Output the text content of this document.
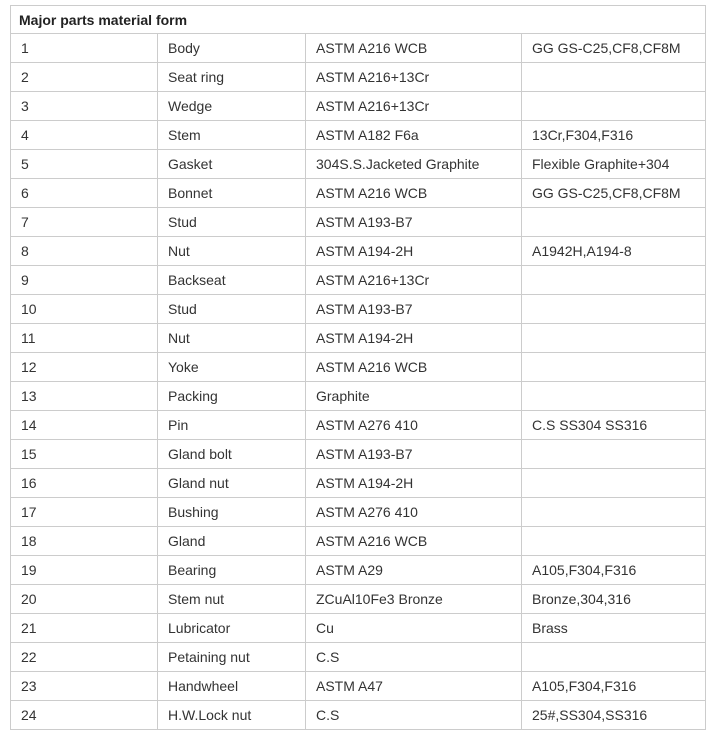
Major parts material form			
1	Body	ASTM A216 WCB	GG GS-C25,CF8,CF8M
2	Seat ring	ASTM A216+13Cr	
3	Wedge	ASTM A216+13Cr	
4	Stem	ASTM A182 F6a	13Cr,F304,F316
5	Gasket	304S.S.Jacketed Graphite	Flexible Graphite+304
6	Bonnet	ASTM A216 WCB	GG GS-C25,CF8,CF8M
7	Stud	ASTM A193-B7	
8	Nut	ASTM A194-2H	A1942H,A194-8
9	Backseat	ASTM A216+13Cr	
10	Stud	ASTM A193-B7	
11	Nut	ASTM A194-2H	
12	Yoke	ASTM A216 WCB	
13	Packing	Graphite	
14	Pin	ASTM A276 410	C.S SS304 SS316
15	Gland bolt	ASTM A193-B7	
16	Gland nut	ASTM A194-2H	
17	Bushing	ASTM A276 410	
18	Gland	ASTM A216 WCB	
19	Bearing	ASTM A29	A105,F304,F316
20	Stem nut	ZCuAl10Fe3 Bronze	Bronze,304,316
21	Lubricator	Cu	Brass
22	Petaining nut	C.S	
23	Handwheel	ASTM A47	A105,F304,F316
24	H.W.Lock nut	C.S	25#,SS304,SS316
